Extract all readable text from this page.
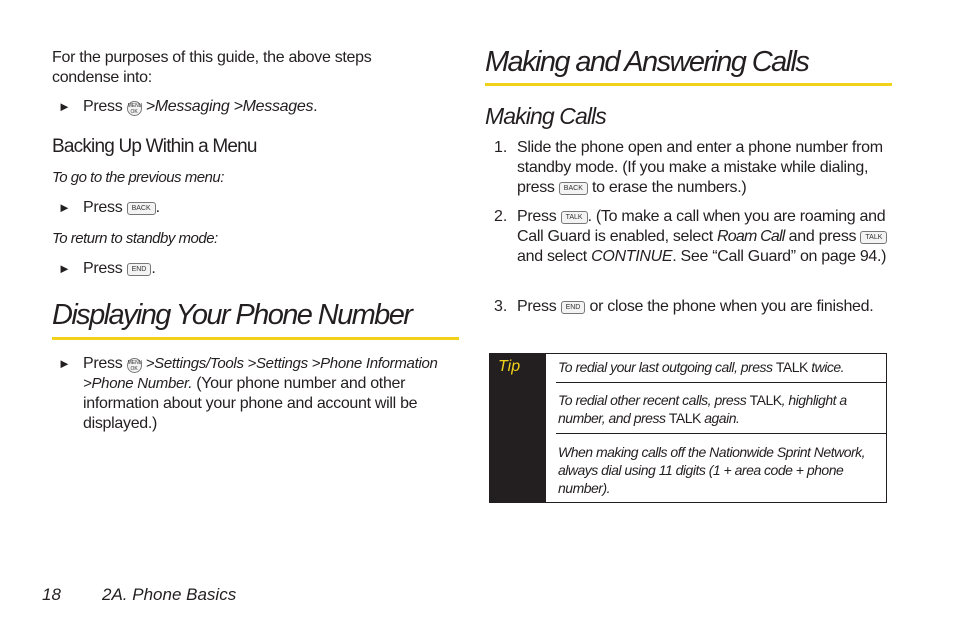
For the purposes of this guide, the above steps condense into:

► Press MENU OK >Messaging >Messages.
Backing Up Within a Menu

To go to the previous menu:

► Press BACK .

To return to standby mode:

► Press END .
Displaying Your Phone Number
► Press MENU OK >Settings/Tools >Settings >Phone Information >Phone Number. (Your phone number and other information about your phone and account will be displayed.)
Making and Answering Calls
Making Calls
1. Slide the phone open and enter a phone number from standby mode. (If you make a mistake while dialing, press BACK to erase the numbers.)
2. Press TALK . (To make a call when you are roaming and Call Guard is enabled, select Roam Call and press TALK and select CONTINUE. See “Call Guard” on page 94.)
3. Press END or close the phone when you are finished.
Tip	To redial your last outgoing call, press TALK twice.
To redial other recent calls, press TALK, highlight a number, and press TALK again.
When making calls off the Nationwide Sprint Network, always dial using 11 digits (1 + area code + phone number).
18 2A. Phone Basics
